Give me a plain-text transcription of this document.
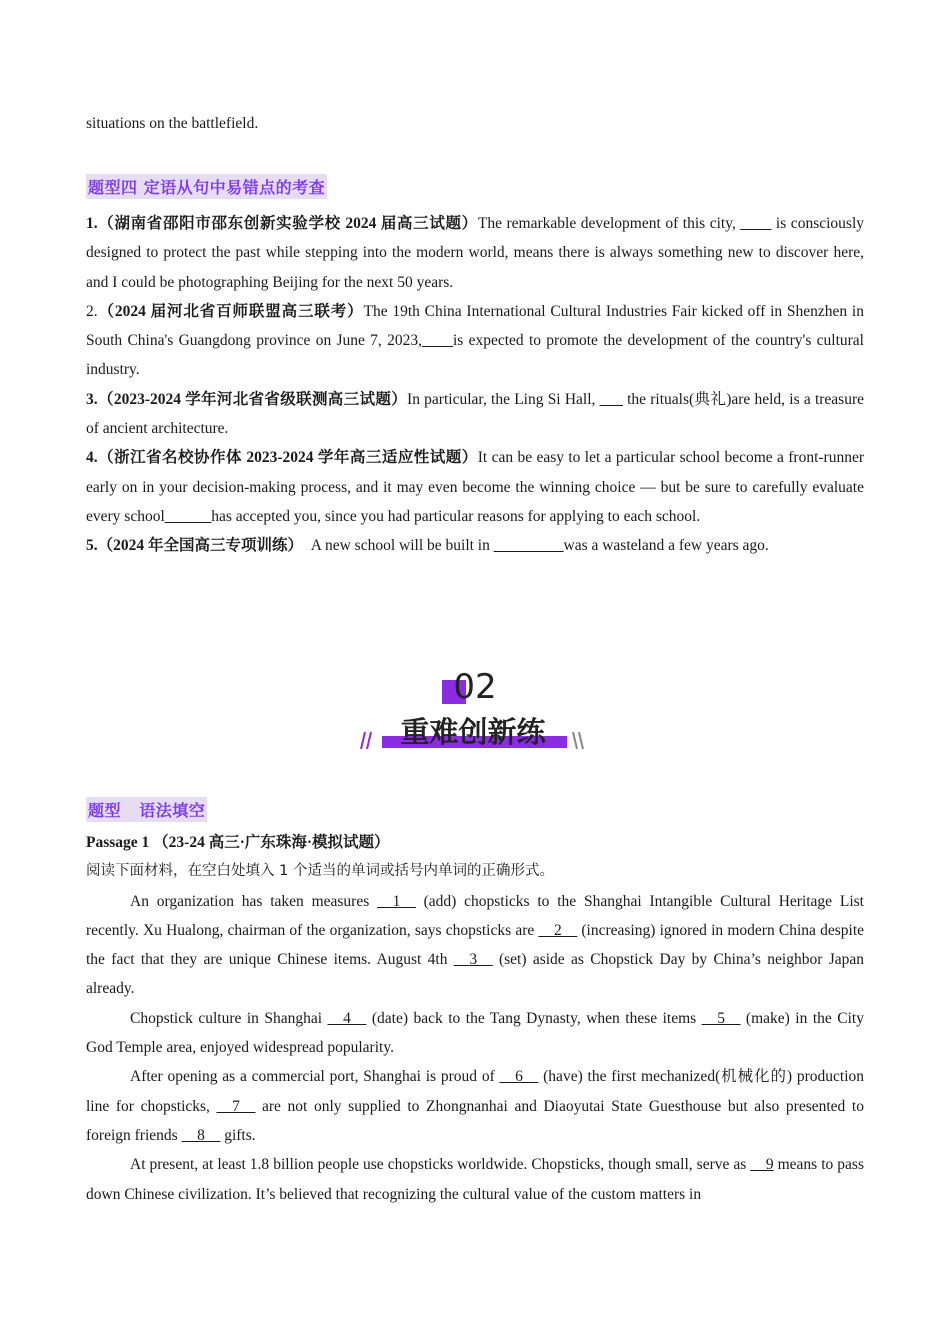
situations on the battlefield.

题型四 定语从句中易错点的考查

1.（湖南省邵阳市邵东创新实验学校 2024 届高三试题）The remarkable development of this city, ____ is consciously designed to protect the past while stepping into the modern world, means there is always something new to discover here, and I could be photographing Beijing for the next 50 years.

2.（2024 届河北省百师联盟高三联考）The 19th China International Cultural Industries Fair kicked off in Shenzhen in South China's Guangdong province on June 7, 2023,____is expected to promote the development of the country's cultural industry.

3.（2023-2024 学年河北省省级联测高三试题）In particular, the Ling Si Hall, ___ the rituals(典礼)are held, is a treasure of ancient architecture.

4.（浙江省名校协作体 2023-2024 学年高三适应性试题）It can be easy to let a particular school become a front-runner early on in your decision-making process, and it may even become the winning choice — but be sure to carefully evaluate every school______has accepted you, since you had particular reasons for applying to each school.

5.（2024 年全国高三专项训练）  A new school will be built in _________was a wasteland a few years ago.

题型   语法填空

Passage 1 （23-24 高三·广东珠海·模拟试题）

阅读下面材料，在空白处填入 1 个适当的单词或括号内单词的正确形式。

An organization has taken measures __1__ (add) chopsticks to the Shanghai Intangible Cultural Heritage List recently. Xu Hualong, chairman of the organization, says chopsticks are __2__ (increasing) ignored in modern China despite the fact that they are unique Chinese items. August 4th __3__ (set) aside as Chopstick Day by China’s neighbor Japan already.

Chopstick culture in Shanghai __4__ (date) back to the Tang Dynasty, when these items __5__ (make) in the City God Temple area, enjoyed widespread popularity.

After opening as a commercial port, Shanghai is proud of __6__ (have) the first mechanized(机械化的) production line for chopsticks, __7__ are not only supplied to Zhongnanhai and Diaoyutai State Guesthouse but also presented to foreign friends __8__ gifts.

At present, at least 1.8 billion people use chopsticks worldwide. Chopsticks, though small, serve as __9 means to pass down Chinese civilization. It’s believed that recognizing the cultural value of the custom matters in

02
重难创新练
